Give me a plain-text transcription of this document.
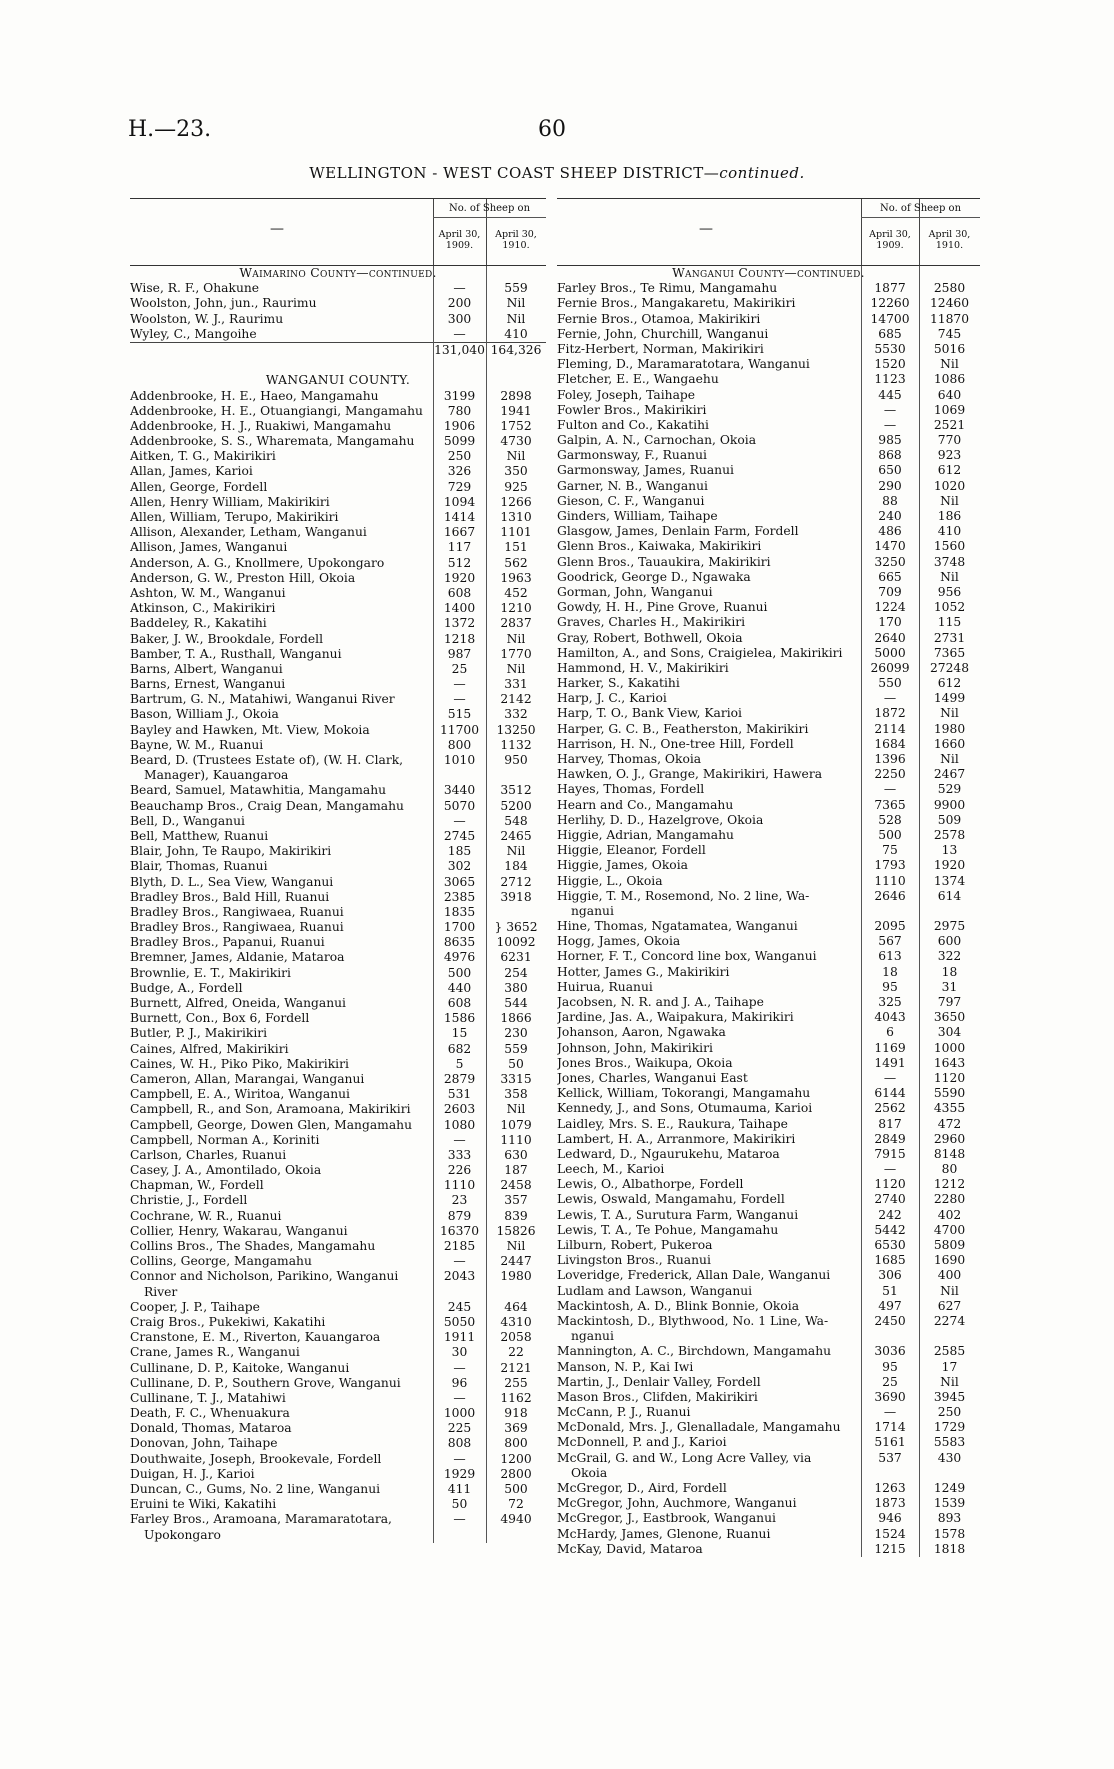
H.—23.	60
WELLINGTON - WEST COAST SHEEP DISTRICT—continued.
—
No. of Sheep on
April 30, 1909.
April 30, 1910.
Waimarino County—continued.
Wise, R. F., Ohakune	—	559
Woolston, John, jun., Raurimu	200	Nil
Woolston, W. J., Raurimu	300	Nil
Wyley, C., Mangoihe	—	410
131,040 164,326
WANGANUI COUNTY.
Addenbrooke, H. E., Haeo, Mangamahu	3199	2898
Addenbrooke, H. E., Otuangiangi, Mangamahu	780	1941
Addenbrooke, H. J., Ruakiwi, Mangamahu	1906	1752
Addenbrooke, S. S., Wharemata, Mangamahu	5099	4730
Aitken, T. G., Makirikiri	250	Nil
Allan, James, Karioi	326	350
Allen, George, Fordell	729	925
Allen, Henry William, Makirikiri	1094	1266
Allen, William, Terupo, Makirikiri	1414	1310
Allison, Alexander, Letham, Wanganui	1667	1101
Allison, James, Wanganui	117	151
Anderson, A. G., Knollmere, Upokongaro	512	562
Anderson, G. W., Preston Hill, Okoia	1920	1963
Ashton, W. M., Wanganui	608	452
Atkinson, C., Makirikiri	1400	1210
Baddeley, R., Kakatihi	1372	2837
Baker, J. W., Brookdale, Fordell	1218	Nil
Bamber, T. A., Rusthall, Wanganui	987	1770
Barns, Albert, Wanganui	25	Nil
Barns, Ernest, Wanganui	—	331
Bartrum, G. N., Matahiwi, Wanganui River	—	2142
Bason, William J., Okoia	515	332
Bayley and Hawken, Mt. View, Mokoia	11700	13250
Bayne, W. M., Ruanui	800	1132
Beard, D. (Trustees Estate of), (W. H. Clark,	1010	950
Manager), Kauangaroa
Beard, Samuel, Matawhitia, Mangamahu	3440	3512
Beauchamp Bros., Craig Dean, Mangamahu	5070	5200
Bell, D., Wanganui	—	548
Bell, Matthew, Ruanui	2745	2465
Blair, John, Te Raupo, Makirikiri	185	Nil
Blair, Thomas, Ruanui	302	184
Blyth, D. L., Sea View, Wanganui	3065	2712
Bradley Bros., Bald Hill, Ruanui	2385	3918
Bradley Bros., Rangiwaea, Ruanui	1835
Bradley Bros., Rangiwaea, Ruanui	1700	} 3652
Bradley Bros., Papanui, Ruanui	8635	10092
Bremner, James, Aldanie, Mataroa	4976	6231
Brownlie, E. T., Makirikiri	500	254
Budge, A., Fordell	440	380
Burnett, Alfred, Oneida, Wanganui	608	544
Burnett, Con., Box 6, Fordell	1586	1866
Butler, P. J., Makirikiri	15	230
Caines, Alfred, Makirikiri	682	559
Caines, W. H., Piko Piko, Makirikiri	5	50
Cameron, Allan, Marangai, Wanganui	2879	3315
Campbell, E. A., Wiritoa, Wanganui	531	358
Campbell, R., and Son, Aramoana, Makirikiri	2603	Nil
Campbell, George, Dowen Glen, Mangamahu	1080	1079
Campbell, Norman A., Koriniti	—	1110
Carlson, Charles, Ruanui	333	630
Casey, J. A., Amontilado, Okoia	226	187
Chapman, W., Fordell	1110	2458
Christie, J., Fordell	23	357
Cochrane, W. R., Ruanui	879	839
Collier, Henry, Wakarau, Wanganui	16370	15826
Collins Bros., The Shades, Mangamahu	2185	Nil
Collins, George, Mangamahu	—	2447
Connor and Nicholson, Parikino, Wanganui	2043	1980
River
Cooper, J. P., Taihape	245	464
Craig Bros., Pukekiwi, Kakatihi	5050	4310
Cranstone, E. M., Riverton, Kauangaroa	1911	2058
Crane, James R., Wanganui	30	22
Cullinane, D. P., Kaitoke, Wanganui	—	2121
Cullinane, D. P., Southern Grove, Wanganui	96	255
Cullinane, T. J., Matahiwi	—	1162
Death, F. C., Whenuakura	1000	918
Donald, Thomas, Mataroa	225	369
Donovan, John, Taihape	808	800
Douthwaite, Joseph, Brookevale, Fordell	—	1200
Duigan, H. J., Karioi	1929	2800
Duncan, C., Gums, No. 2 line, Wanganui	411	500
Eruini te Wiki, Kakatihi	50	72
Farley Bros., Aramoana, Maramaratotara,	—	4940
Upokongaro
—
No. of Sheep on
April 30, 1909.
April 30, 1910.
Wanganui County—continued.
Farley Bros., Te Rimu, Mangamahu	1877	2580
Fernie Bros., Mangakaretu, Makirikiri	12260	12460
Fernie Bros., Otamoa, Makirikiri	14700	11870
Fernie, John, Churchill, Wanganui	685	745
Fitz-Herbert, Norman, Makirikiri	5530	5016
Fleming, D., Maramaratotara, Wanganui	1520	Nil
Fletcher, E. E., Wangaehu	1123	1086
Foley, Joseph, Taihape	445	640
Fowler Bros., Makirikiri	—	1069
Fulton and Co., Kakatihi	—	2521
Galpin, A. N., Carnochan, Okoia	985	770
Garmonsway, F., Ruanui	868	923
Garmonsway, James, Ruanui	650	612
Garner, N. B., Wanganui	290	1020
Gieson, C. F., Wanganui	88	Nil
Ginders, William, Taihape	240	186
Glasgow, James, Denlain Farm, Fordell	486	410
Glenn Bros., Kaiwaka, Makirikiri	1470	1560
Glenn Bros., Tauaukira, Makirikiri	3250	3748
Goodrick, George D., Ngawaka	665	Nil
Gorman, John, Wanganui	709	956
Gowdy, H. H., Pine Grove, Ruanui	1224	1052
Graves, Charles H., Makirikiri	170	115
Gray, Robert, Bothwell, Okoia	2640	2731
Hamilton, A., and Sons, Craigielea, Makirikiri	5000	7365
Hammond, H. V., Makirikiri	26099	27248
Harker, S., Kakatihi	550	612
Harp, J. C., Karioi	—	1499
Harp, T. O., Bank View, Karioi	1872	Nil
Harper, G. C. B., Featherston, Makirikiri	2114	1980
Harrison, H. N., One-tree Hill, Fordell	1684	1660
Harvey, Thomas, Okoia	1396	Nil
Hawken, O. J., Grange, Makirikiri, Hawera	2250	2467
Hayes, Thomas, Fordell	—	529
Hearn and Co., Mangamahu	7365	9900
Herlihy, D. D., Hazelgrove, Okoia	528	509
Higgie, Adrian, Mangamahu	500	2578
Higgie, Eleanor, Fordell	75	13
Higgie, James, Okoia	1793	1920
Higgie, L., Okoia	1110	1374
Higgie, T. M., Rosemond, No. 2 line, Wa-	2646	614
nganui
Hine, Thomas, Ngatamatea, Wanganui	2095	2975
Hogg, James, Okoia	567	600
Horner, F. T., Concord line box, Wanganui	613	322
Hotter, James G., Makirikiri	18	18
Huirua, Ruanui	95	31
Jacobsen, N. R. and J. A., Taihape	325	797
Jardine, Jas. A., Waipakura, Makirikiri	4043	3650
Johanson, Aaron, Ngawaka	6	304
Johnson, John, Makirikiri	1169	1000
Jones Bros., Waikupa, Okoia	1491	1643
Jones, Charles, Wanganui East	—	1120
Kellick, William, Tokorangi, Mangamahu	6144	5590
Kennedy, J., and Sons, Otumauma, Karioi	2562	4355
Laidley, Mrs. S. E., Raukura, Taihape	817	472
Lambert, H. A., Arranmore, Makirikiri	2849	2960
Ledward, D., Ngaurukehu, Mataroa	7915	8148
Leech, M., Karioi	—	80
Lewis, O., Albathorpe, Fordell	1120	1212
Lewis, Oswald, Mangamahu, Fordell	2740	2280
Lewis, T. A., Surutura Farm, Wanganui	242	402
Lewis, T. A., Te Pohue, Mangamahu	5442	4700
Lilburn, Robert, Pukeroa	6530	5809
Livingston Bros., Ruanui	1685	1690
Loveridge, Frederick, Allan Dale, Wanganui	306	400
Ludlam and Lawson, Wanganui	51	Nil
Mackintosh, A. D., Blink Bonnie, Okoia	497	627
Mackintosh, D., Blythwood, No. 1 Line, Wa-	2450	2274
nganui
Mannington, A. C., Birchdown, Mangamahu	3036	2585
Manson, N. P., Kai Iwi	95	17
Martin, J., Denlair Valley, Fordell	25	Nil
Mason Bros., Clifden, Makirikiri	3690	3945
McCann, P. J., Ruanui	—	250
McDonald, Mrs. J., Glenalladale, Mangamahu	1714	1729
McDonnell, P. and J., Karioi	5161	5583
McGrail, G. and W., Long Acre Valley, via	537	430
Okoia
McGregor, D., Aird, Fordell	1263	1249
McGregor, John, Auchmore, Wanganui	1873	1539
McGregor, J., Eastbrook, Wanganui	946	893
McHardy, James, Glenone, Ruanui	1524	1578
McKay, David, Mataroa	1215	1818
